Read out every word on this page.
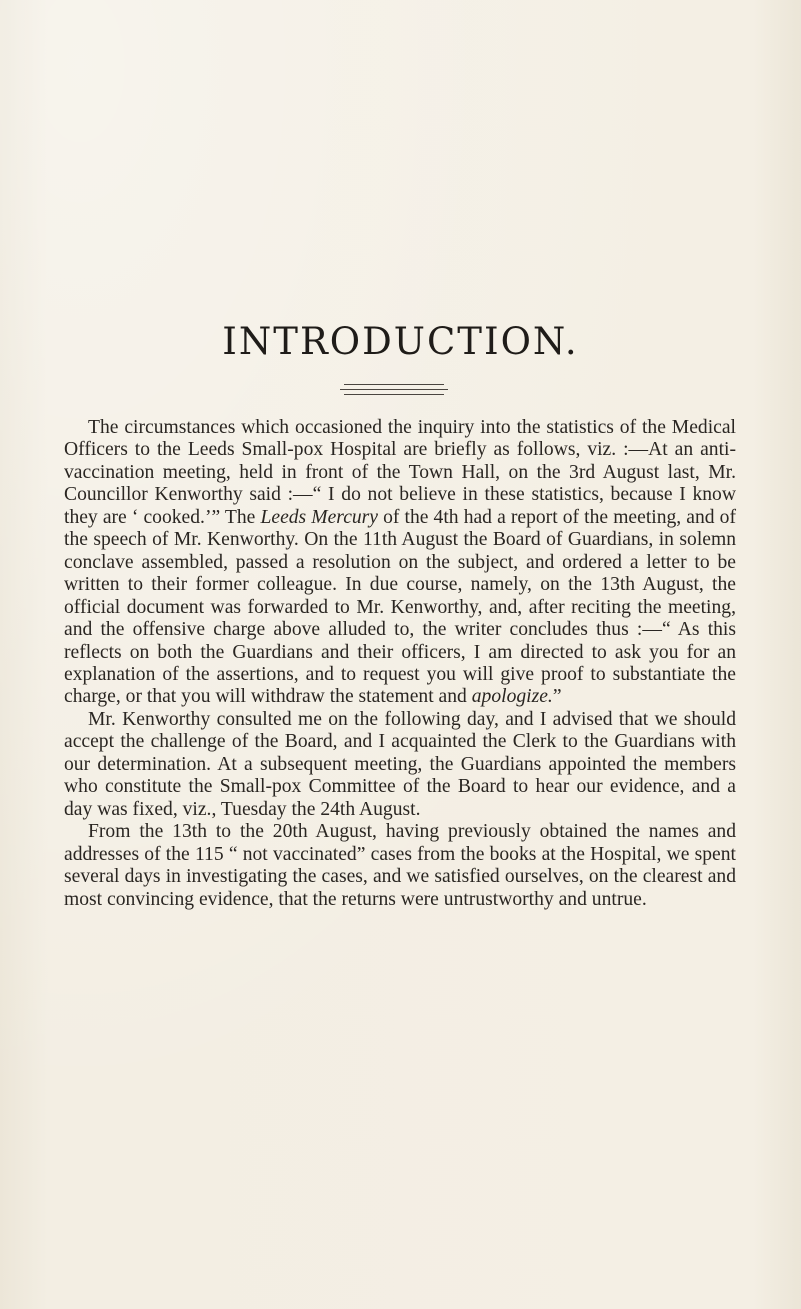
INTRODUCTION.

The circumstances which occasioned the inquiry into the statistics of the Medical Officers to the Leeds Small-pox Hospital are briefly as follows, viz. :—At an anti-vaccination meeting, held in front of the Town Hall, on the 3rd August last, Mr. Councillor Kenworthy said :—“ I do not believe in these statistics, because I know they are ‘ cooked.’” The Leeds Mercury of the 4th had a report of the meeting, and of the speech of Mr. Kenworthy. On the 11th August the Board of Guardians, in solemn conclave assembled, passed a resolution on the subject, and ordered a letter to be written to their former colleague. In due course, namely, on the 13th August, the official document was forwarded to Mr. Kenworthy, and, after reciting the meeting, and the offensive charge above alluded to, the writer concludes thus :—“ As this reflects on both the Guardians and their officers, I am directed to ask you for an explanation of the assertions, and to request you will give proof to substantiate the charge, or that you will withdraw the statement and apologize.”

Mr. Kenworthy consulted me on the following day, and I advised that we should accept the challenge of the Board, and I acquainted the Clerk to the Guardians with our determination. At a subsequent meeting, the Guardians appointed the members who constitute the Small-pox Committee of the Board to hear our evidence, and a day was fixed, viz., Tuesday the 24th August.

From the 13th to the 20th August, having previously obtained the names and addresses of the 115 “ not vaccinated” cases from the books at the Hospital, we spent several days in investigating the cases, and we satisfied ourselves, on the clearest and most convincing evidence, that the returns were untrustworthy and untrue.
